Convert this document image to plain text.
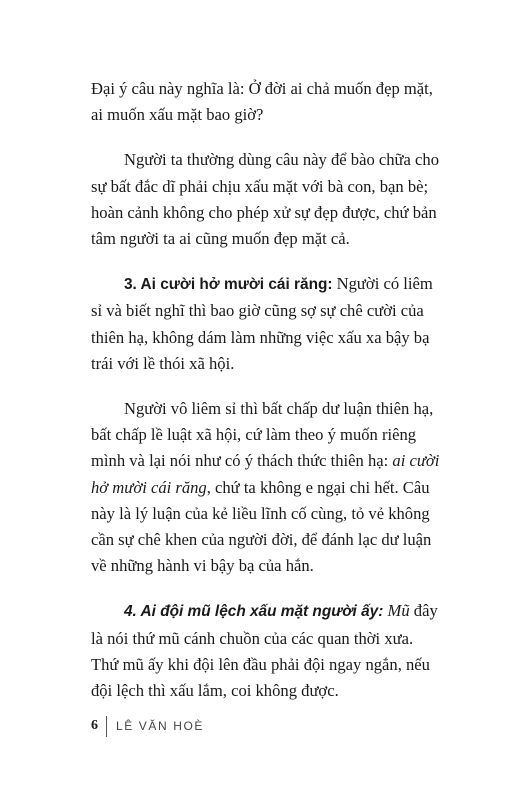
Đại ý câu này nghĩa là: Ở đời ai chả muốn đẹp mặt, ai muốn xấu mặt bao giờ?

Người ta thường dùng câu này để bào chữa cho sự bất đắc dĩ phải chịu xấu mặt với bà con, bạn bè; hoàn cảnh không cho phép xử sự đẹp được, chứ bản tâm người ta ai cũng muốn đẹp mặt cả.

3. Ai cười hở mười cái răng: Người có liêm sỉ và biết nghĩ thì bao giờ cũng sợ sự chê cười của thiên hạ, không dám làm những việc xấu xa bậy bạ trái với lề thói xã hội.

Người vô liêm sỉ thì bất chấp dư luận thiên hạ, bất chấp lề luật xã hội, cứ làm theo ý muốn riêng mình và lại nói như có ý thách thức thiên hạ: ai cười hở mười cái răng, chứ ta không e ngại chi hết. Câu này là lý luận của kẻ liều lĩnh cố cùng, tỏ vẻ không cần sự chê khen của người đời, để đánh lạc dư luận về những hành vi bậy bạ của hắn.

4. Ai đội mũ lệch xấu mặt người ấy: Mũ đây là nói thứ mũ cánh chuồn của các quan thời xưa. Thứ mũ ấy khi đội lên đầu phải đội ngay ngắn, nếu đội lệch thì xấu lắm, coi không được.

6 LÊ VĂN HOÈ
